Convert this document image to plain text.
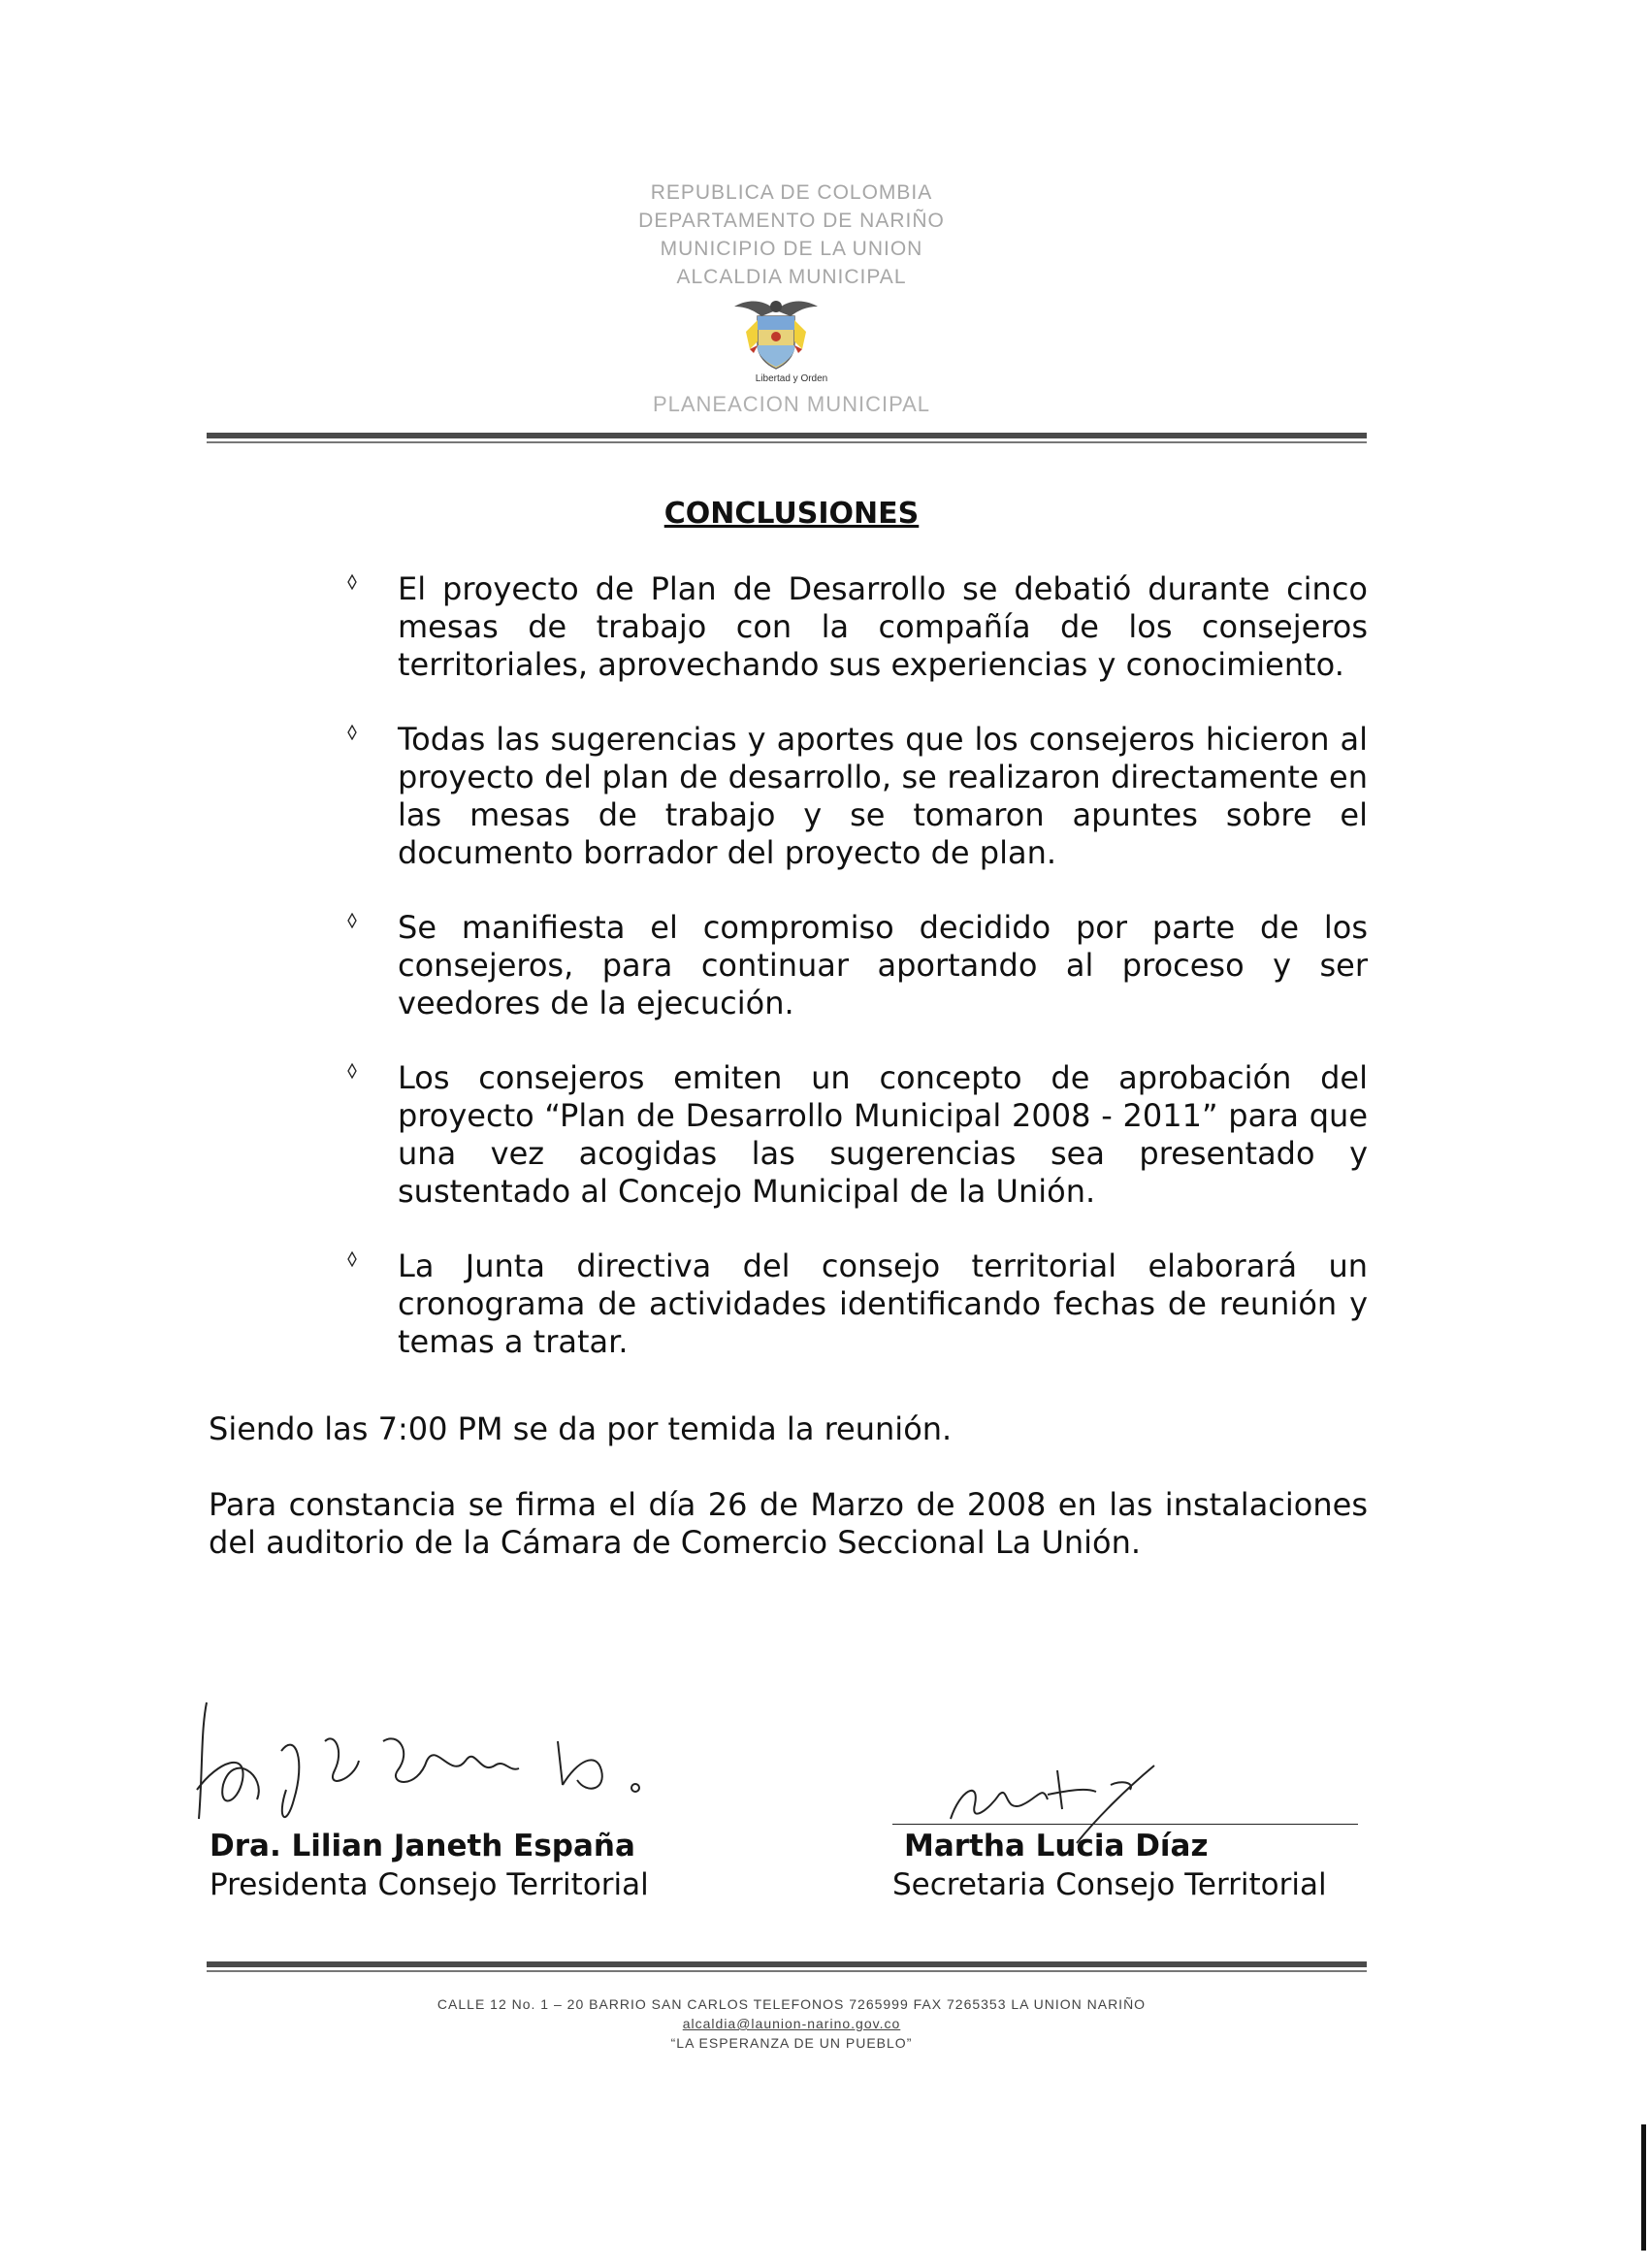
REPUBLICA DE COLOMBIA
DEPARTAMENTO DE NARIÑO
MUNICIPIO DE LA UNION
ALCALDIA MUNICIPAL
Libertad y Orden
PLANEACION MUNICIPAL
CONCLUSIONES
El proyecto de Plan de Desarrollo se debatió durante cinco mesas de trabajo con la compañía de los consejeros territoriales, aprovechando sus experiencias y conocimiento.
Todas las sugerencias y aportes que los consejeros hicieron al proyecto del plan de desarrollo, se realizaron directamente en las mesas de trabajo y se tomaron apuntes sobre el documento borrador del proyecto de plan.
Se manifiesta el compromiso decidido por parte de los consejeros, para continuar aportando al proceso y ser veedores de la ejecución.
Los consejeros emiten un concepto de aprobación del proyecto “Plan de Desarrollo Municipal 2008 - 2011” para que una vez acogidas las sugerencias sea presentado y sustentado al Concejo Municipal de la Unión.
La Junta directiva del consejo territorial elaborará un cronograma de actividades identificando fechas de reunión y temas a tratar.
Siendo las 7:00 PM se da por temida la reunión.
Para constancia se firma el día 26 de Marzo de 2008 en las instalaciones del auditorio de la Cámara de Comercio Seccional La Unión.
Dra. Lilian Janeth España
Presidenta Consejo Territorial
Martha Lucia Díaz
Secretaria Consejo Territorial
CALLE 12 No. 1 – 20 BARRIO SAN CARLOS TELEFONOS 7265999 FAX 7265353 LA UNION NARIÑO
alcaldia@launion-narino.gov.co
“LA ESPERANZA DE UN PUEBLO”
